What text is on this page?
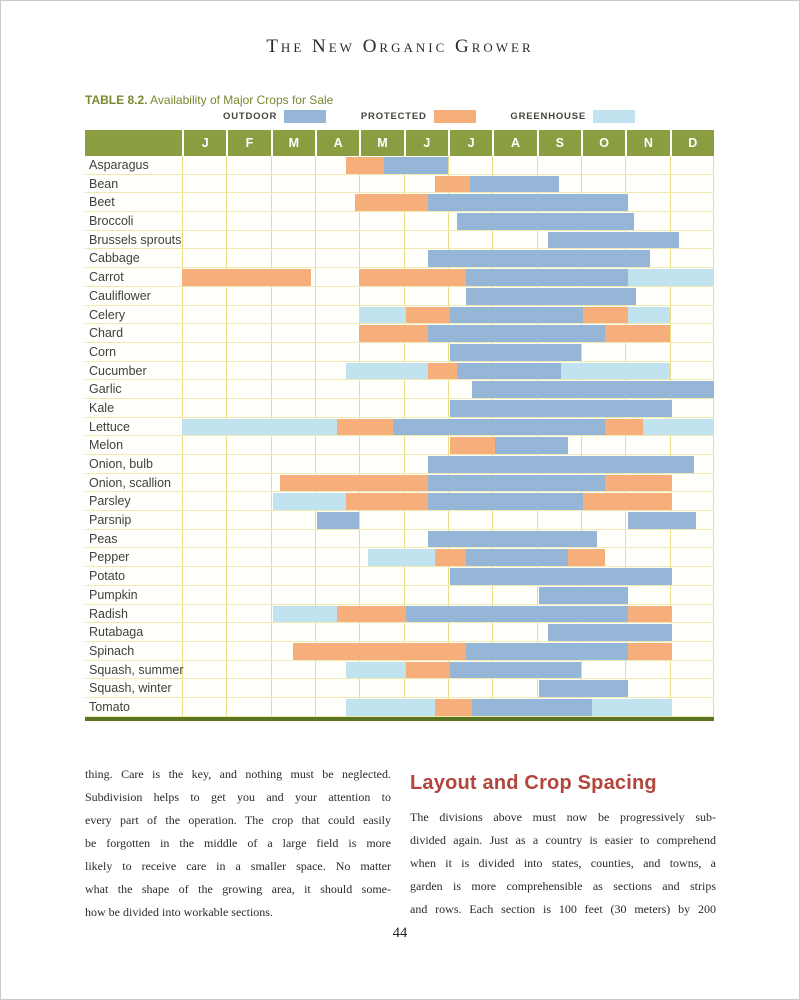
The New Organic Grower
TABLE 8.2. Availability of Major Crops for Sale
OUTDOOR	PROTECTED	GREENHOUSE
J	F	M	A	M	J	J	A	S	O	N	D
Asparagus
Bean
Beet
Broccoli
Brussels sprouts
Cabbage
Carrot
Cauliflower
Celery
Chard
Corn
Cucumber
Garlic
Kale
Lettuce
Melon
Onion, bulb
Onion, scallion
Parsley
Parsnip
Peas
Pepper
Potato
Pumpkin
Radish
Rutabaga
Spinach
Squash, summer
Squash, winter
Tomato
thing. Care is the key, and nothing must be neglected.
Subdivision helps to get you and your attention to
every part of the operation. The crop that could easily
be forgotten in the middle of a large field is more
likely to receive care in a smaller space. No matter
what the shape of the growing area, it should some-
how be divided into workable sections.
Layout and Crop Spacing
The divisions above must now be progressively sub-
divided again. Just as a country is easier to comprehend
when it is divided into states, counties, and towns, a
garden is more comprehensible as sections and strips
and rows. Each section is 100 feet (30 meters) by 200
44
